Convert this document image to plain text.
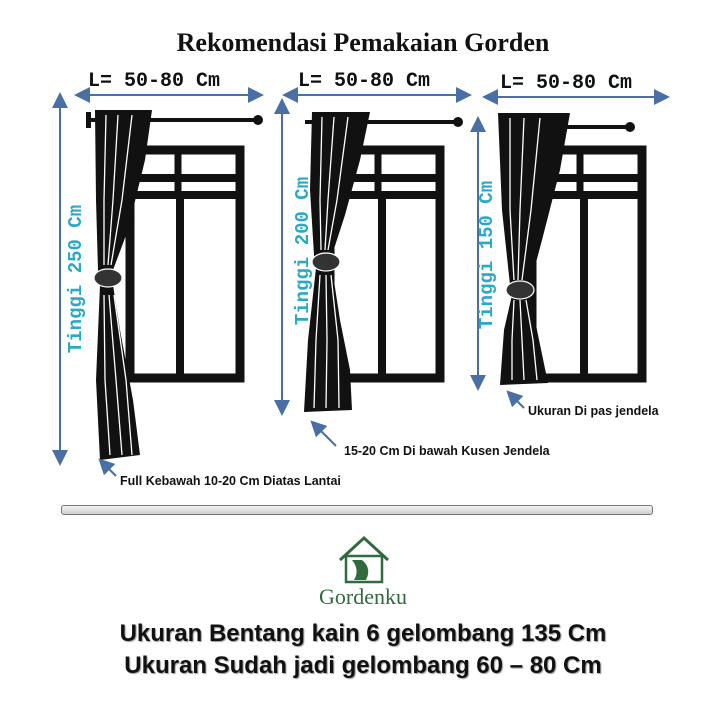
Rekomendasi Pemakaian Gorden
L= 50-80 Cm	L= 50-80 Cm	L= 50-80 Cm
Tinggi 250 Cm	Tinggi 200 Cm	Tinggi 150 Cm
Full Kebawah 10-20 Cm Diatas Lantai
15-20 Cm Di bawah Kusen Jendela
Ukuran Di pas jendela
Gordenku
Ukuran Bentang kain 6 gelombang 135 Cm
Ukuran Sudah jadi gelombang 60 – 80 Cm
